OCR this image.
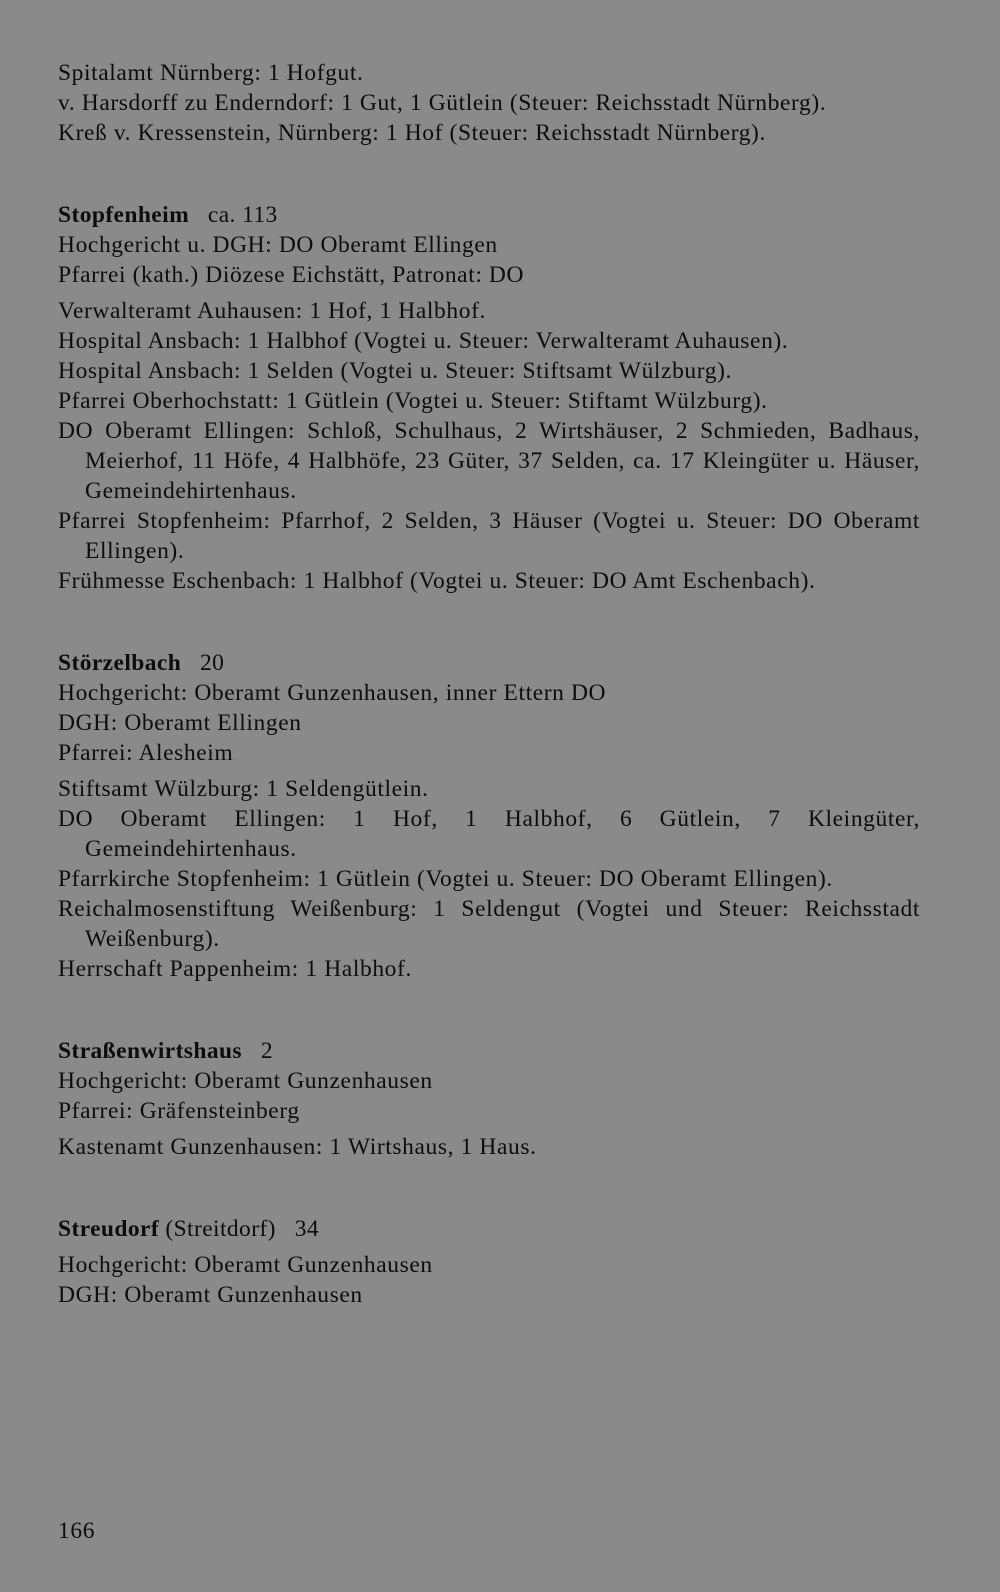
Spitalamt Nürnberg: 1 Hofgut.
v. Harsdorff zu Enderndorf: 1 Gut, 1 Gütlein (Steuer: Reichsstadt Nürnberg).
Kreß v. Kressenstein, Nürnberg: 1 Hof (Steuer: Reichsstadt Nürnberg).
Stopfenheim ca. 113
Hochgericht u. DGH: DO Oberamt Ellingen
Pfarrei (kath.) Diözese Eichstätt, Patronat: DO
Verwalteramt Auhausen: 1 Hof, 1 Halbhof.
Hospital Ansbach: 1 Halbhof (Vogtei u. Steuer: Verwalteramt Auhausen).
Hospital Ansbach: 1 Selden (Vogtei u. Steuer: Stiftsamt Wülzburg).
Pfarrei Oberhochstatt: 1 Gütlein (Vogtei u. Steuer: Stiftamt Wülzburg).
DO Oberamt Ellingen: Schloß, Schulhaus, 2 Wirtshäuser, 2 Schmieden, Badhaus, Meierhof, 11 Höfe, 4 Halbhöfe, 23 Güter, 37 Selden, ca. 17 Kleingüter u. Häuser, Gemeindehirtenhaus.
Pfarrei Stopfenheim: Pfarrhof, 2 Selden, 3 Häuser (Vogtei u. Steuer: DO Oberamt Ellingen).
Frühmesse Eschenbach: 1 Halbhof (Vogtei u. Steuer: DO Amt Eschenbach).
Störzelbach 20
Hochgericht: Oberamt Gunzenhausen, inner Ettern DO
DGH: Oberamt Ellingen
Pfarrei: Alesheim
Stiftsamt Wülzburg: 1 Seldengütlein.
DO Oberamt Ellingen: 1 Hof, 1 Halbhof, 6 Gütlein, 7 Kleingüter, Gemeindehirtenhaus.
Pfarrkirche Stopfenheim: 1 Gütlein (Vogtei u. Steuer: DO Oberamt Ellingen).
Reichalmosenstiftung Weißenburg: 1 Seldengut (Vogtei und Steuer: Reichsstadt Weißenburg).
Herrschaft Pappenheim: 1 Halbhof.
Straßenwirtshaus 2
Hochgericht: Oberamt Gunzenhausen
Pfarrei: Gräfensteinberg
Kastenamt Gunzenhausen: 1 Wirtshaus, 1 Haus.
Streudorf (Streitdorf) 34
Hochgericht: Oberamt Gunzenhausen
DGH: Oberamt Gunzenhausen
166
